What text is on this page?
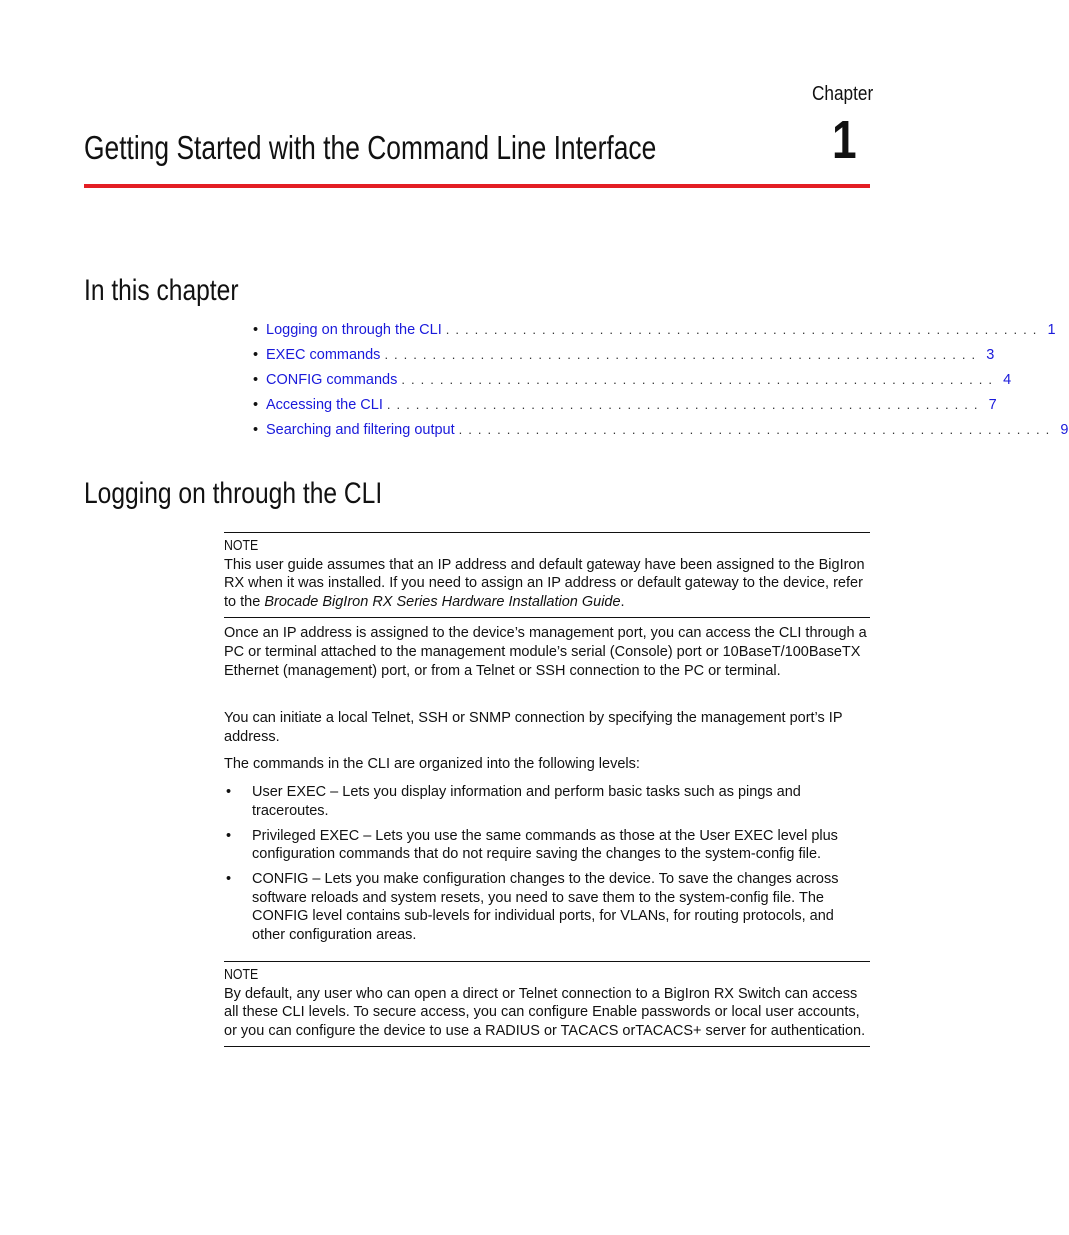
Chapter
1
Getting Started with the Command Line Interface
In this chapter
• Logging on through the CLI . . . . . . . . . . . . . . . . . . . . . . . . . . . . . . . . . . . . . . . . . . . . . . . . . . . . . . . . . . . . . . 1
• EXEC commands . . . . . . . . . . . . . . . . . . . . . . . . . . . . . . . . . . . . . . . . . . . . . . . . . . . . . . . . . . . . . . 3
• CONFIG commands . . . . . . . . . . . . . . . . . . . . . . . . . . . . . . . . . . . . . . . . . . . . . . . . . . . . . . . . . . . . . . 4
• Accessing the CLI . . . . . . . . . . . . . . . . . . . . . . . . . . . . . . . . . . . . . . . . . . . . . . . . . . . . . . . . . . . . . . 7
• Searching and filtering output . . . . . . . . . . . . . . . . . . . . . . . . . . . . . . . . . . . . . . . . . . . . . . . . . . . . . . . . . . . . . . 9
Logging on through the CLI
NOTE

This user guide assumes that an IP address and default gateway have been assigned to the BigIron RX when it was installed. If you need to assign an IP address or default gateway to the device, refer to the Brocade BigIron RX Series Hardware Installation Guide.

Once an IP address is assigned to the device’s management port, you can access the CLI through a PC or terminal attached to the management module’s serial (Console) port or 10BaseT/100BaseTX Ethernet (management) port, or from a Telnet or SSH connection to the PC or terminal.

You can initiate a local Telnet, SSH or SNMP connection by specifying the management port’s IP address.

The commands in the CLI are organized into the following levels:

•	User EXEC – Lets you display information and perform basic tasks such as pings and traceroutes.
•	Privileged EXEC – Lets you use the same commands as those at the User EXEC level plus configuration commands that do not require saving the changes to the system-config file.
•	CONFIG – Lets you make configuration changes to the device. To save the changes across software reloads and system resets, you need to save them to the system-config file. The CONFIG level contains sub-levels for individual ports, for VLANs, for routing protocols, and other configuration areas.
NOTE

By default, any user who can open a direct or Telnet connection to a BigIron RX Switch can access all these CLI levels. To secure access, you can configure Enable passwords or local user accounts, or you can configure the device to use a RADIUS or TACACS orTACACS+ server for authentication.
